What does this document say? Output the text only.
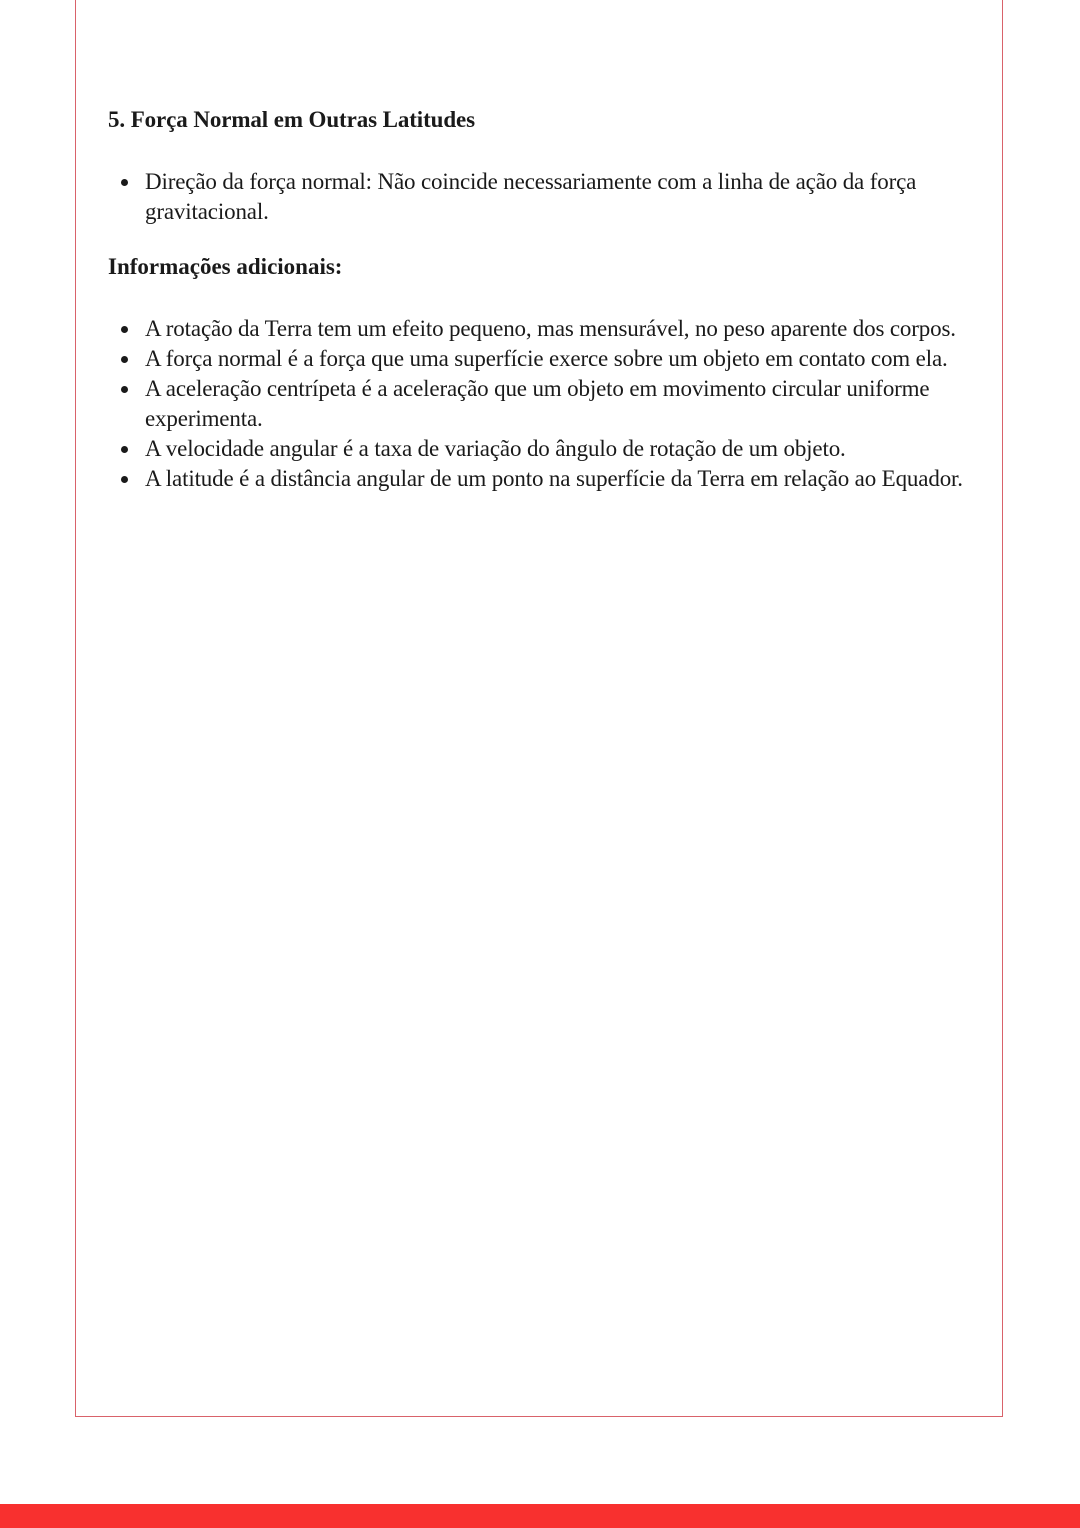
5. Força Normal em Outras Latitudes
Direção da força normal: Não coincide necessariamente com a linha de ação da força gravitacional.
Informações adicionais:
A rotação da Terra tem um efeito pequeno, mas mensurável, no peso aparente dos corpos.
A força normal é a força que uma superfície exerce sobre um objeto em contato com ela.
A aceleração centrípeta é a aceleração que um objeto em movimento circular uniforme experimenta.
A velocidade angular é a taxa de variação do ângulo de rotação de um objeto.
A latitude é a distância angular de um ponto na superfície da Terra em relação ao Equador.
